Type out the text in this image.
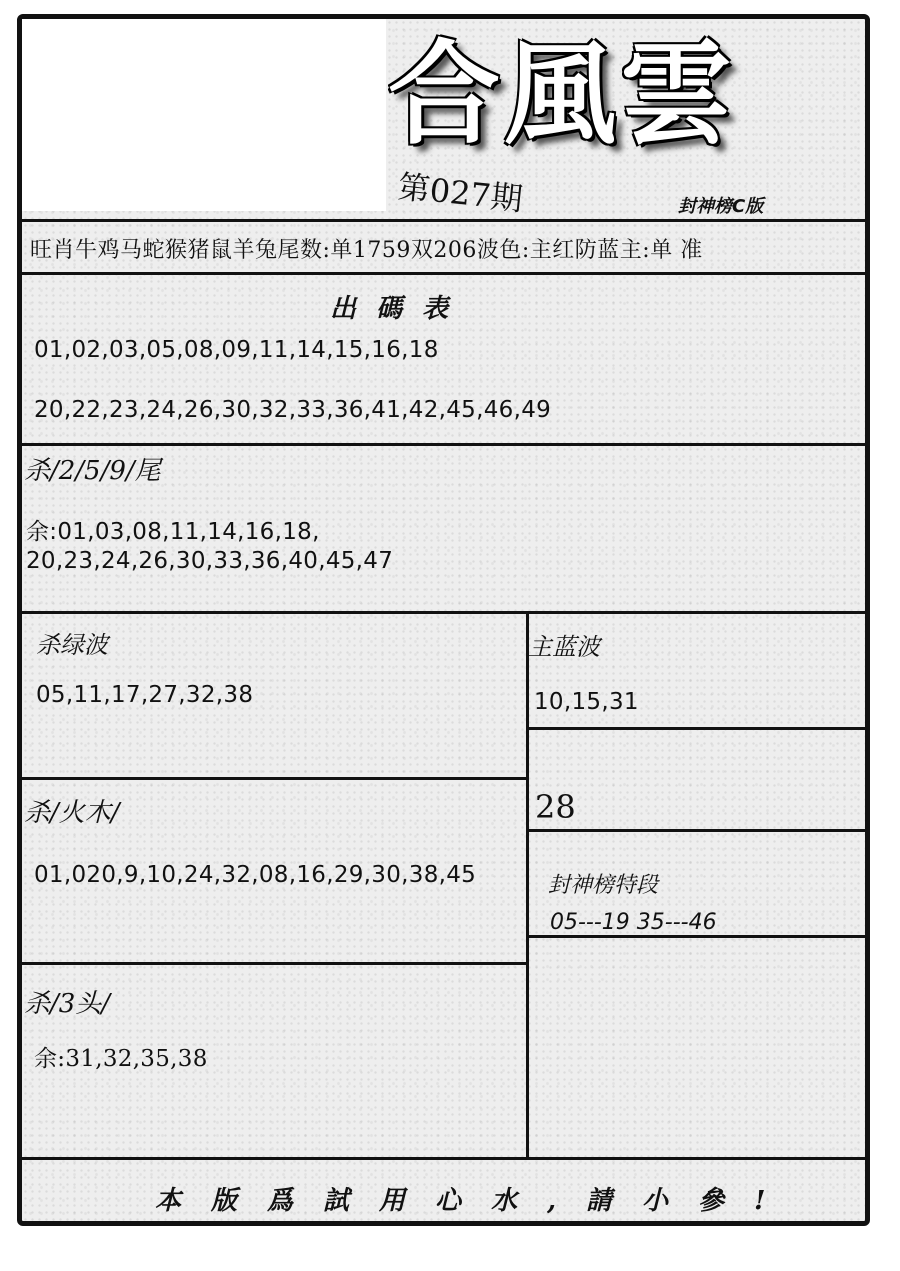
合風雲
第027期	封神榜C版
旺肖牛鸡马蛇猴猪鼠羊兔尾数:单1759双206波色:主红防蓝主:单 准
出碼表
01,02,03,05,08,09,11,14,15,16,18
20,22,23,24,26,30,32,33,36,41,42,45,46,49
杀/2/5/9/尾
余:01,03,08,11,14,16,18,
20,23,24,26,30,33,36,40,45,47
杀绿波
05,11,17,27,32,38
主蓝波
10,15,31
28
杀/火木/
01,020,9,10,24,32,08,16,29,30,38,45	封神榜特段
05---19 35---46
杀/3头/
余:31,32,35,38
本版爲試用心水,請小參!
